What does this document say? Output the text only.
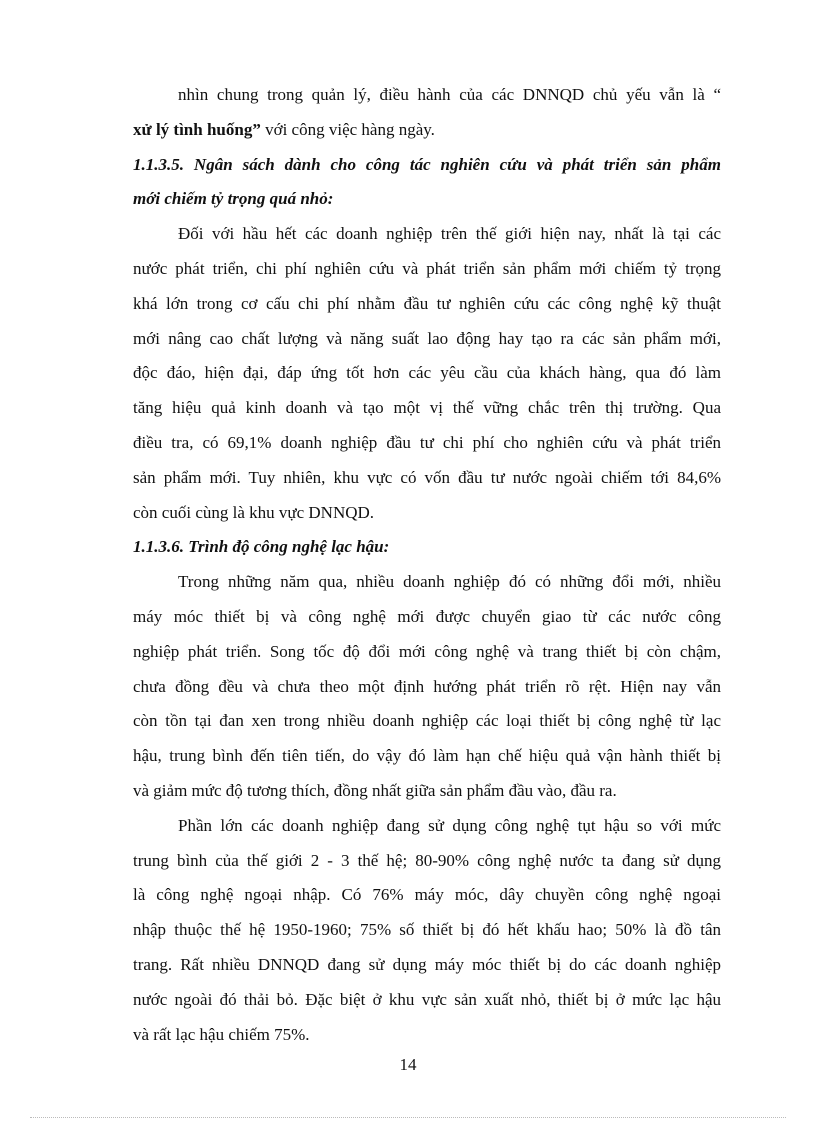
nhìn chung trong quản lý, điều hành của các DNNQD chủ yếu vẫn là “
xử lý tình huống” với công việc hàng ngày.
1.1.3.5. Ngân sách dành cho công tác nghiên cứu và phát triển sản phẩm
mới chiếm tỷ trọng quá nhỏ:
Đối với hầu hết các doanh nghiệp trên thế giới hiện nay, nhất là tại các
nước phát triển, chi phí nghiên cứu và phát triển sản phẩm mới chiếm tỷ trọng
khá lớn trong cơ cấu chi phí nhằm đầu tư nghiên cứu các công nghệ kỹ thuật
mới nâng cao chất lượng và năng suất lao động hay tạo ra các sản phẩm mới,
độc đáo, hiện đại, đáp ứng tốt hơn các yêu cầu của khách hàng, qua đó làm
tăng hiệu quả kinh doanh và tạo một vị thế vững chắc trên thị trường. Qua
điều tra, có 69,1% doanh nghiệp đầu tư chi phí cho nghiên cứu và phát triển
sản phẩm mới. Tuy nhiên, khu vực có vốn đầu tư nước ngoài chiếm tới 84,6%
còn cuối cùng là khu vực DNNQD.
1.1.3.6. Trình độ công nghệ lạc hậu:
Trong những năm qua, nhiều doanh nghiệp đó có những đổi mới, nhiều
máy móc thiết bị và công nghệ mới được chuyển giao từ các nước công
nghiệp phát triển. Song tốc độ đổi mới công nghệ và trang thiết bị còn chậm,
chưa đồng đều và chưa theo một định hướng phát triển rõ rệt. Hiện nay vẫn
còn tồn tại đan xen trong nhiều doanh nghiệp các loại thiết bị công nghệ từ lạc
hậu, trung bình đến tiên tiến, do vậy đó làm hạn chế hiệu quả vận hành thiết bị
và giảm mức độ tương thích, đồng nhất giữa sản phẩm đầu vào, đầu ra.
Phần lớn các doanh nghiệp đang sử dụng công nghệ tụt hậu so với mức
trung bình của thế giới 2 - 3 thế hệ; 80-90% công nghệ nước ta đang sử dụng
là công nghệ ngoại nhập. Có 76% máy móc, dây chuyền công nghệ ngoại
nhập thuộc thế hệ 1950-1960; 75% số thiết bị đó hết khấu hao; 50% là đồ tân
trang. Rất nhiều DNNQD đang sử dụng máy móc thiết bị do các doanh nghiệp
nước ngoài đó thải bỏ. Đặc biệt ở khu vực sản xuất nhỏ, thiết bị ở mức lạc hậu
và rất lạc hậu chiếm 75%.
14
